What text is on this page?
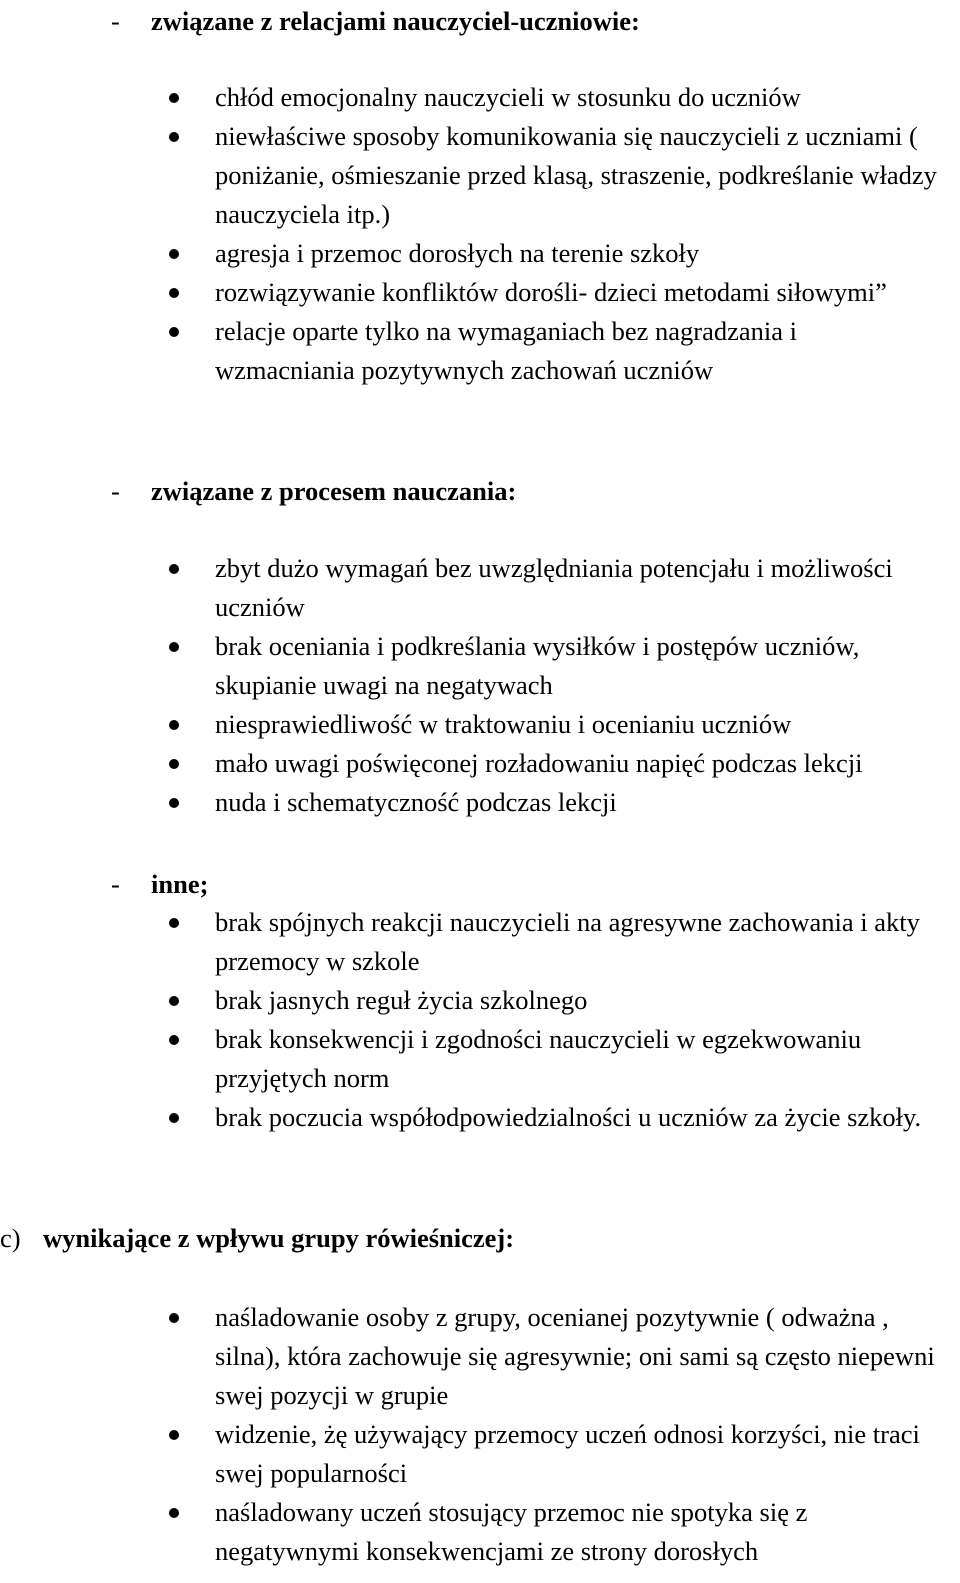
- związane z relacjami nauczyciel-uczniowie:
chłód emocjonalny nauczycieli w stosunku do uczniów
niewłaściwe sposoby komunikowania się nauczycieli z uczniami ( poniżanie, ośmieszanie przed klasą, straszenie, podkreślanie władzy nauczyciela itp.)
agresja i przemoc dorosłych na terenie szkoły
rozwiązywanie konfliktów dorośli- dzieci metodami siłowymi”
relacje oparte tylko na wymaganiach bez nagradzania i wzmacniania pozytywnych zachowań uczniów
- związane z procesem nauczania:
zbyt dużo wymagań bez uwzględniania potencjału i możliwości uczniów
brak oceniania i podkreślania wysiłków i postępów uczniów, skupianie uwagi na negatywach
niesprawiedliwość w traktowaniu i ocenianiu uczniów
mało uwagi poświęconej rozładowaniu napięć podczas lekcji
nuda i schematyczność podczas lekcji
- inne;
brak spójnych reakcji nauczycieli na agresywne zachowania i akty przemocy w szkole
brak jasnych reguł życia szkolnego
brak konsekwencji i zgodności nauczycieli w egzekwowaniu przyjętych norm
brak poczucia współodpowiedzialności u uczniów za życie szkoły.
c) wynikające z wpływu grupy rówieśniczej:
naśladowanie osoby z grupy, ocenianej pozytywnie ( odważna , silna), która zachowuje się agresywnie; oni sami są często niepewni swej pozycji w grupie
widzenie, żę używający przemocy uczeń odnosi korzyści, nie traci swej popularności
naśladowany uczeń stosujący przemoc nie spotyka się z negatywnymi konsekwencjami ze strony dorosłych
